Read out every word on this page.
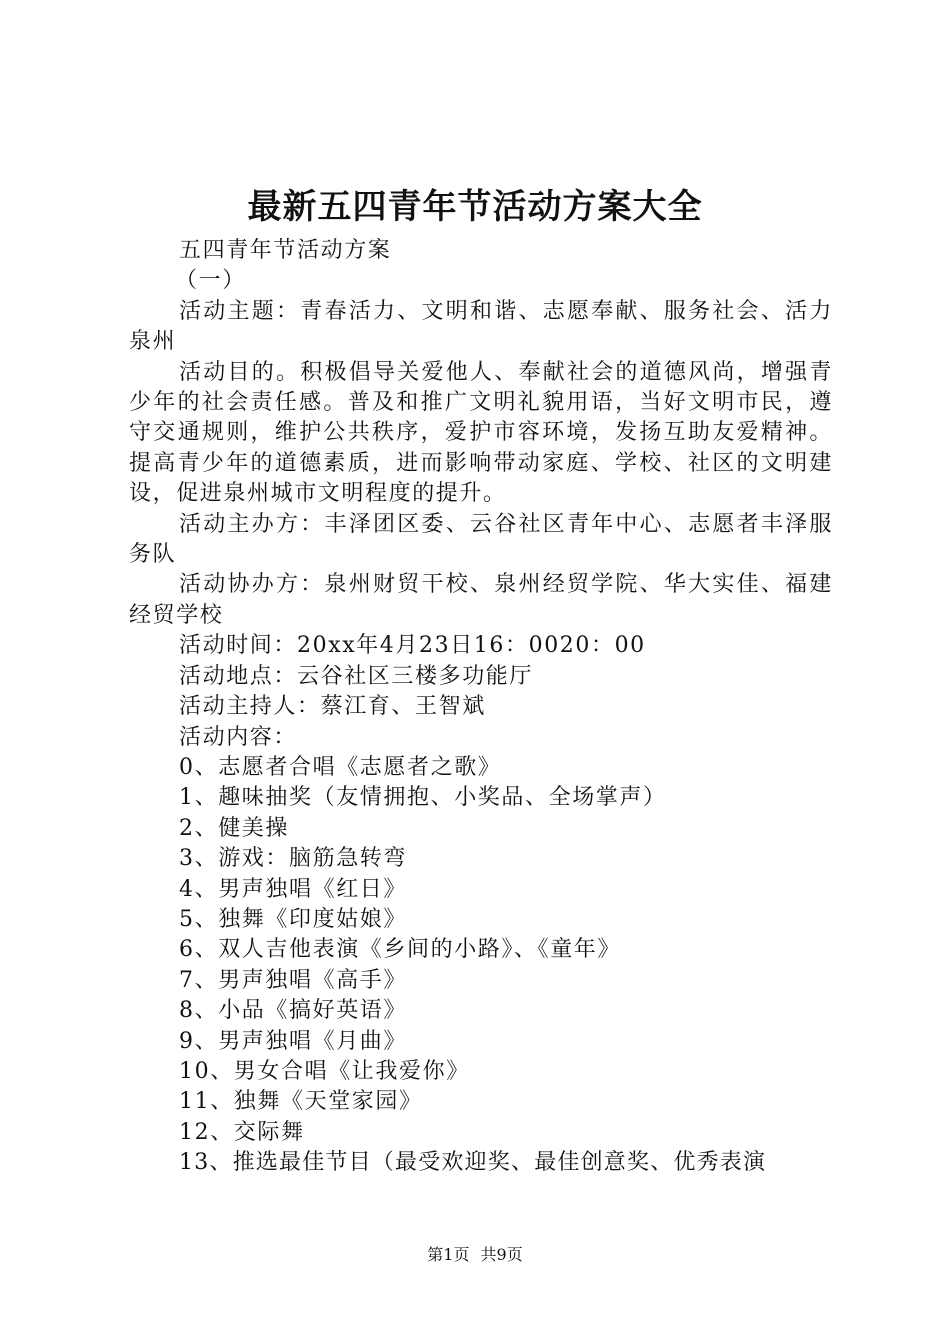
最新五四青年节活动方案大全

五四青年节活动方案

（一）

活动主题：青春活力、文明和谐、志愿奉献、服务社会、活力泉州

活动目的。积极倡导关爱他人、奉献社会的道德风尚，增强青少年的社会责任感。普及和推广文明礼貌用语，当好文明市民，遵守交通规则，维护公共秩序，爱护市容环境，发扬互助友爱精神。提高青少年的道德素质，进而影响带动家庭、学校、社区的文明建设，促进泉州城市文明程度的提升。

活动主办方：丰泽团区委、云谷社区青年中心、志愿者丰泽服务队

活动协办方：泉州财贸干校、泉州经贸学院、华大实佳、福建经贸学校

活动时间：20xx年4月23日16：0020：00

活动地点：云谷社区三楼多功能厅

活动主持人：蔡江育、王智斌

活动内容：

0、志愿者合唱《志愿者之歌》

1、趣味抽奖（友情拥抱、小奖品、全场掌声）

2、健美操

3、游戏：脑筋急转弯

4、男声独唱《红日》

5、独舞《印度姑娘》

6、双人吉他表演《乡间的小路》、《童年》

7、男声独唱《高手》

8、小品《搞好英语》

9、男声独唱《月曲》

10、男女合唱《让我爱你》

11、独舞《天堂家园》

12、交际舞

13、推选最佳节目（最受欢迎奖、最佳创意奖、优秀表演

第1页 共9页
